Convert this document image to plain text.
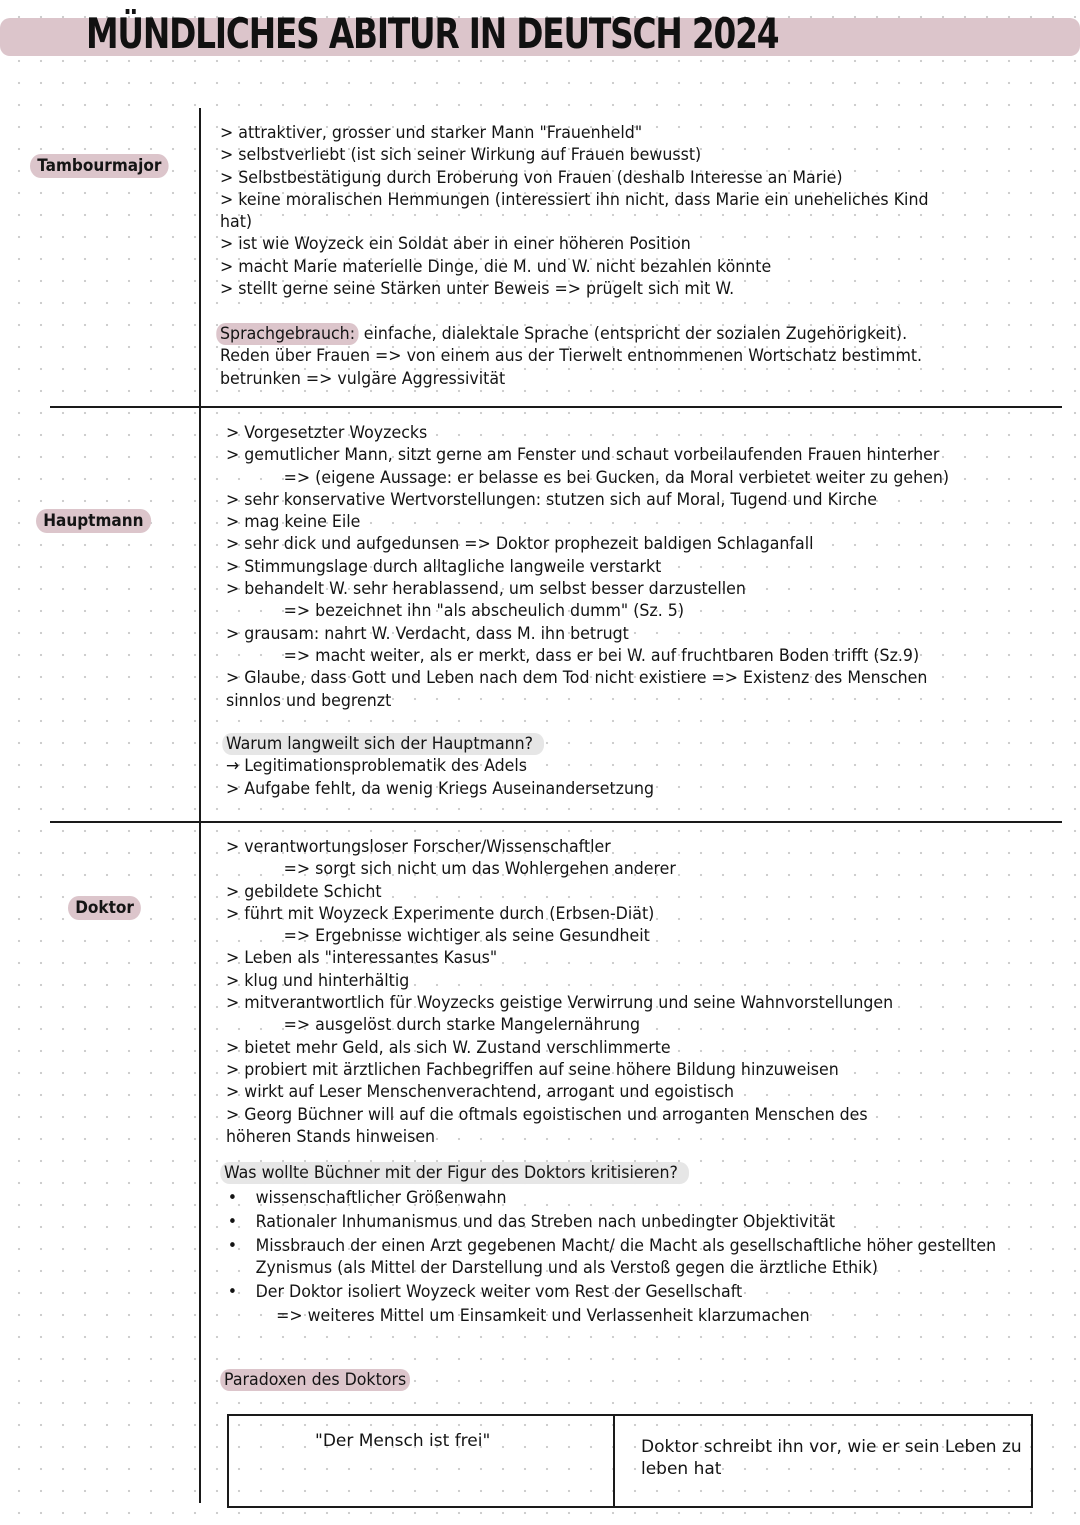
MÜNDLICHES ABITUR IN DEUTSCH 2024
Tambourmajor
> attraktiver, grosser und starker Mann "Frauenheld"
> selbstverliebt (ist sich seiner Wirkung auf Frauen bewusst)
> Selbstbestätigung durch Eroberung von Frauen (deshalb Interesse an Marie)
> keine moralischen Hemmungen (interessiert ihn nicht, dass Marie ein uneheliches Kind
hat)
> ist wie Woyzeck ein Soldat aber in einer höheren Position
> macht Marie materielle Dinge, die M. und W. nicht bezahlen könnte
> stellt gerne seine Stärken unter Beweis => prügelt sich mit W.
Sprachgebrauch: einfache, dialektale Sprache (entspricht der sozialen Zugehörigkeit).
Reden über Frauen => von einem aus der Tierwelt entnommenen Wortschatz bestimmt.
betrunken => vulgäre Aggressivität
Hauptmann
> Vorgesetzter Woyzecks
> gemutlicher Mann, sitzt gerne am Fenster und schaut vorbeilaufenden Frauen hinterher
=> (eigene Aussage: er belasse es bei Gucken, da Moral verbietet weiter zu gehen)
> sehr konservative Wertvorstellungen: stutzen sich auf Moral, Tugend und Kirche
> mag keine Eile
> sehr dick und aufgedunsen => Doktor prophezeit baldigen Schlaganfall
> Stimmungslage durch alltagliche langweile verstarkt
> behandelt W. sehr herablassend, um selbst besser darzustellen
=> bezeichnet ihn "als abscheulich dumm" (Sz. 5)
> grausam: nahrt W. Verdacht, dass M. ihn betrugt
=> macht weiter, als er merkt, dass er bei W. auf fruchtbaren Boden trifft (Sz.9)
> Glaube, dass Gott und Leben nach dem Tod nicht existiere => Existenz des Menschen
sinnlos und begrenzt
Warum langweilt sich der Hauptmann?
→ Legitimationsproblematik des Adels
> Aufgabe fehlt, da wenig Kriegs Auseinandersetzung
Doktor
> verantwortungsloser Forscher/Wissenschaftler
=> sorgt sich nicht um das Wohlergehen anderer
> gebildete Schicht
> führt mit Woyzeck Experimente durch (Erbsen-Diät)
=> Ergebnisse wichtiger als seine Gesundheit
> Leben als "interessantes Kasus"
> klug und hinterhältig
> mitverantwortlich für Woyzecks geistige Verwirrung und seine Wahnvorstellungen
=> ausgelöst durch starke Mangelernährung
> bietet mehr Geld, als sich W. Zustand verschlimmerte
> probiert mit ärztlichen Fachbegriffen auf seine höhere Bildung hinzuweisen
> wirkt auf Leser Menschenverachtend, arrogant und egoistisch
> Georg Büchner will auf die oftmals egoistischen und arroganten Menschen des
höheren Stands hinweisen
Was wollte Büchner mit der Figur des Doktors kritisieren?
• wissenschaftlicher Größenwahn
• Rationaler Inhumanismus und das Streben nach unbedingter Objektivität
• Missbrauch der einen Arzt gegebenen Macht/ die Macht als gesellschaftliche höher gestellten Zynismus (als Mittel der Darstellung und als Verstoß gegen die ärztliche Ethik)
• Der Doktor isoliert Woyzeck weiter vom Rest der Gesellschaft
=> weiteres Mittel um Einsamkeit und Verlassenheit klarzumachen
Paradoxen des Doktors
"Der Mensch ist frei"	Doktor schreibt ihn vor, wie er sein Leben zu leben hat
